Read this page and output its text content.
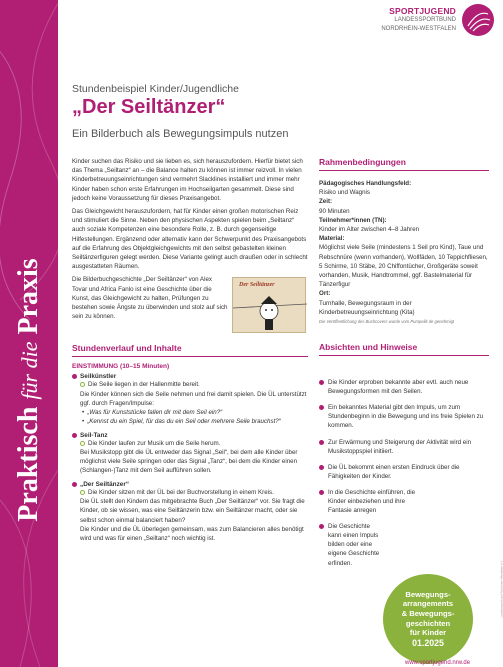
Praktischfür diePraxis
SPORTJUGEND
LANDESSPORTBUND
NORDRHEIN-WESTFALEN
Stundenbeispiel Kinder/Jugendliche
„Der Seiltänzer“
Ein Bilderbuch als Bewegungsimpuls nutzen

Kinder suchen das Risiko und sie lieben es, sich herauszufordern. Hierfür bietet sich das Thema „Seiltanz“ an – die Balance halten zu können ist immer reizvoll. In vielen Kinderbetreuungseinrichtungen sind vermehrt Slacklines installiert und immer mehr Kinder haben schon erste Erfahrungen im Hochseilgarten gesammelt. Diese sind jedoch keine Voraussetzung für dieses Praxisangebot.

Das Gleichgewicht herauszufordern, hat für Kinder einen großen motorischen Reiz und stimuliert die Sinne. Neben den physischen Aspekten spielen beim „Seiltanz“ auch soziale Kompetenzen eine besondere Rolle, z. B. durch gegenseitige Hilfestellungen. Ergänzend oder alternativ kann der Schwerpunkt des Praxisangebots auf die Erfahrung des Objektgleichgewichts mit den selbst gebastelten kleinen Seiltänzerfiguren gelegt werden. Diese Variante gelingt auch draußen oder in schlecht ausgestatteten Räumen.

Die Bilderbuchgeschichte „Der Seiltänzer“ von Alex Tovar und Africa Fanlo ist eine Geschichte über die Kunst, das Gleichgewicht zu halten, Prüfungen zu bestehen sowie Ängste zu überwinden und stolz auf sich sein zu können.

Der Seiltänzer
Stundenverlauf und Inhalte
EINSTIMMUNG (10–15 Minuten)
Seilkünstler
Die Seile liegen in der Hallenmitte bereit.
Die Kinder können sich die Seile nehmen und frei damit spielen. Die ÜL unterstützt ggf. durch Fragen/Impulse:
• „Was für Kunststücke fallen dir mit dem Seil ein?“
• „Kennst du ein Spiel, für das du ein Seil oder mehrere Seile brauchst?“
Seil-Tanz
Die Kinder laufen zur Musik um die Seile herum.
Bei Musikstopp gibt die ÜL entweder das Signal „Seil“, bei dem alle Kinder über möglichst viele Seile springen oder das Signal „Tanz“, bei dem die Kinder einen (Schlangen-)Tanz mit dem Seil aufführen sollen.
„Der Seiltänzer“
Die Kinder sitzen mit der ÜL bei der Buchvorstellung in einem Kreis.
Die ÜL stellt den Kindern das mitgebrachte Buch „Der Seiltänzer“ vor. Sie fragt die Kinder, ob sie wissen, was eine Seiltänzerin bzw. ein Seiltänzer macht, oder sie selbst schon einmal balanciert haben?
Die Kinder und die ÜL überlegen gemeinsam, was zum Balancieren alles benötigt wird und was für einen „Seiltanz“ noch wichtig ist.
Rahmenbedingungen
Pädagogisches Handlungsfeld:
Risiko und Wagnis
Zeit:
90 Minuten
Teilnehmer*innen (TN):
Kinder im Alter zwischen 4–8 Jahren
Material:
Möglichst viele Seile (mindestens 1 Seil pro Kind), Taue und Rebschnüre (wenn vorhanden), Wollfäden, 10 Teppichfliesen, 5 Schirme, 10 Stäbe, 20 Chiffontücher, Großgeräte soweit vorhanden, Musik, Handtrommel, ggf. Bastelmaterial für Tänzerfigur
Ort:
Turnhalle, Bewegungsraum in der Kinderbetreuungseinrichtung (Kita)
Die Veröffentlichung des Buchcovers wurde vom Pumpelik de genehmigt
Absichten und Hinweise
Die Kinder erproben bekannte aber evtl. auch neue Bewegungsformen mit den Seilen.
Ein bekanntes Material gibt den Impuls, um zum Stundenbeginn in die Bewegung und ins freie Spielen zu kommen.
Zur Erwärmung und Steigerung der Aktivität wird ein Musikstoppspiel initiiert.
Die ÜL bekommt einen ersten Eindruck über die Fähigkeiten der Kinder.
In die Geschichte einführen, die Kinder einbeziehen und ihre Fantasie anregen
Die Geschichte kann einen Impuls bilden oder eine eigene Geschichte erfinden.
Bewegungs-
arrangements
& Bewegungs-
geschichten
für Kinder
01.2025
Landessportbund Nordrhein-Westfalen e.V.
www.sportjugend.nrw.de
